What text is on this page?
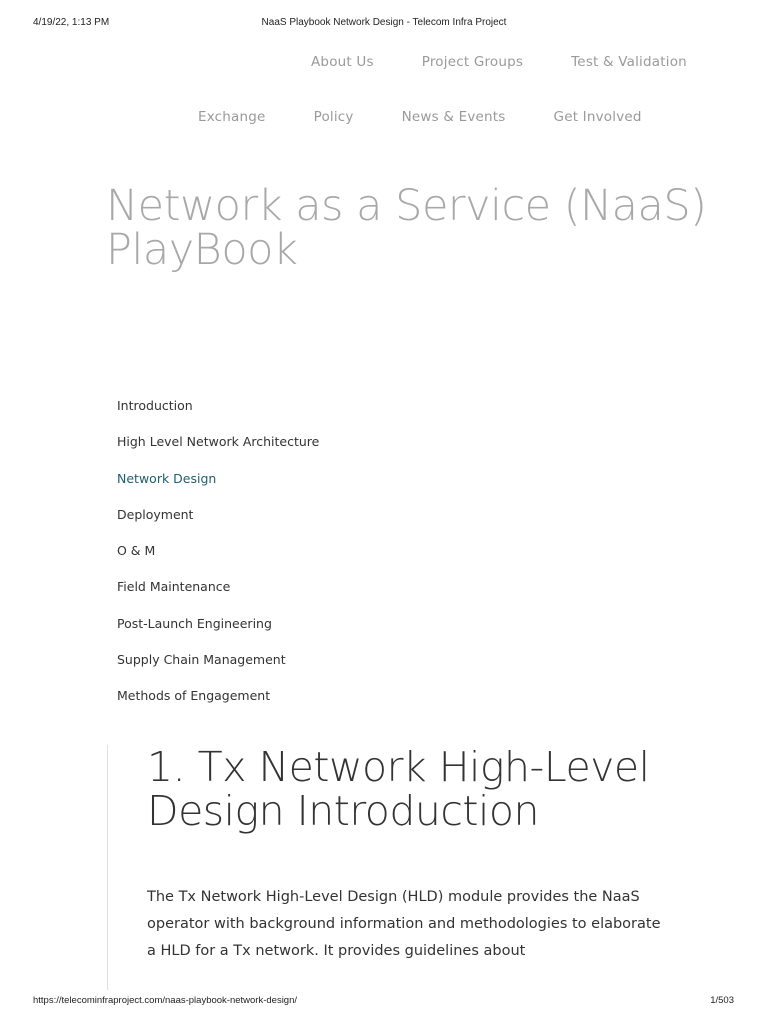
4/19/22, 1:13 PM	NaaS Playbook Network Design - Telecom Infra Project
About Us	Project Groups	Test & Validation
Exchange	Policy	News & Events	Get Involved
Network as a Service (NaaS) PlayBook
Introduction
High Level Network Architecture
Network Design
Deployment
O & M
Field Maintenance
Post-Launch Engineering
Supply Chain Management
Methods of Engagement
1. Tx Network High-Level Design Introduction

The Tx Network High-Level Design (HLD) module provides the NaaS operator with background information and methodologies to elaborate a HLD for a Tx network. It provides guidelines about

https://telecominfraproject.com/naas-playbook-network-design/	1/503
